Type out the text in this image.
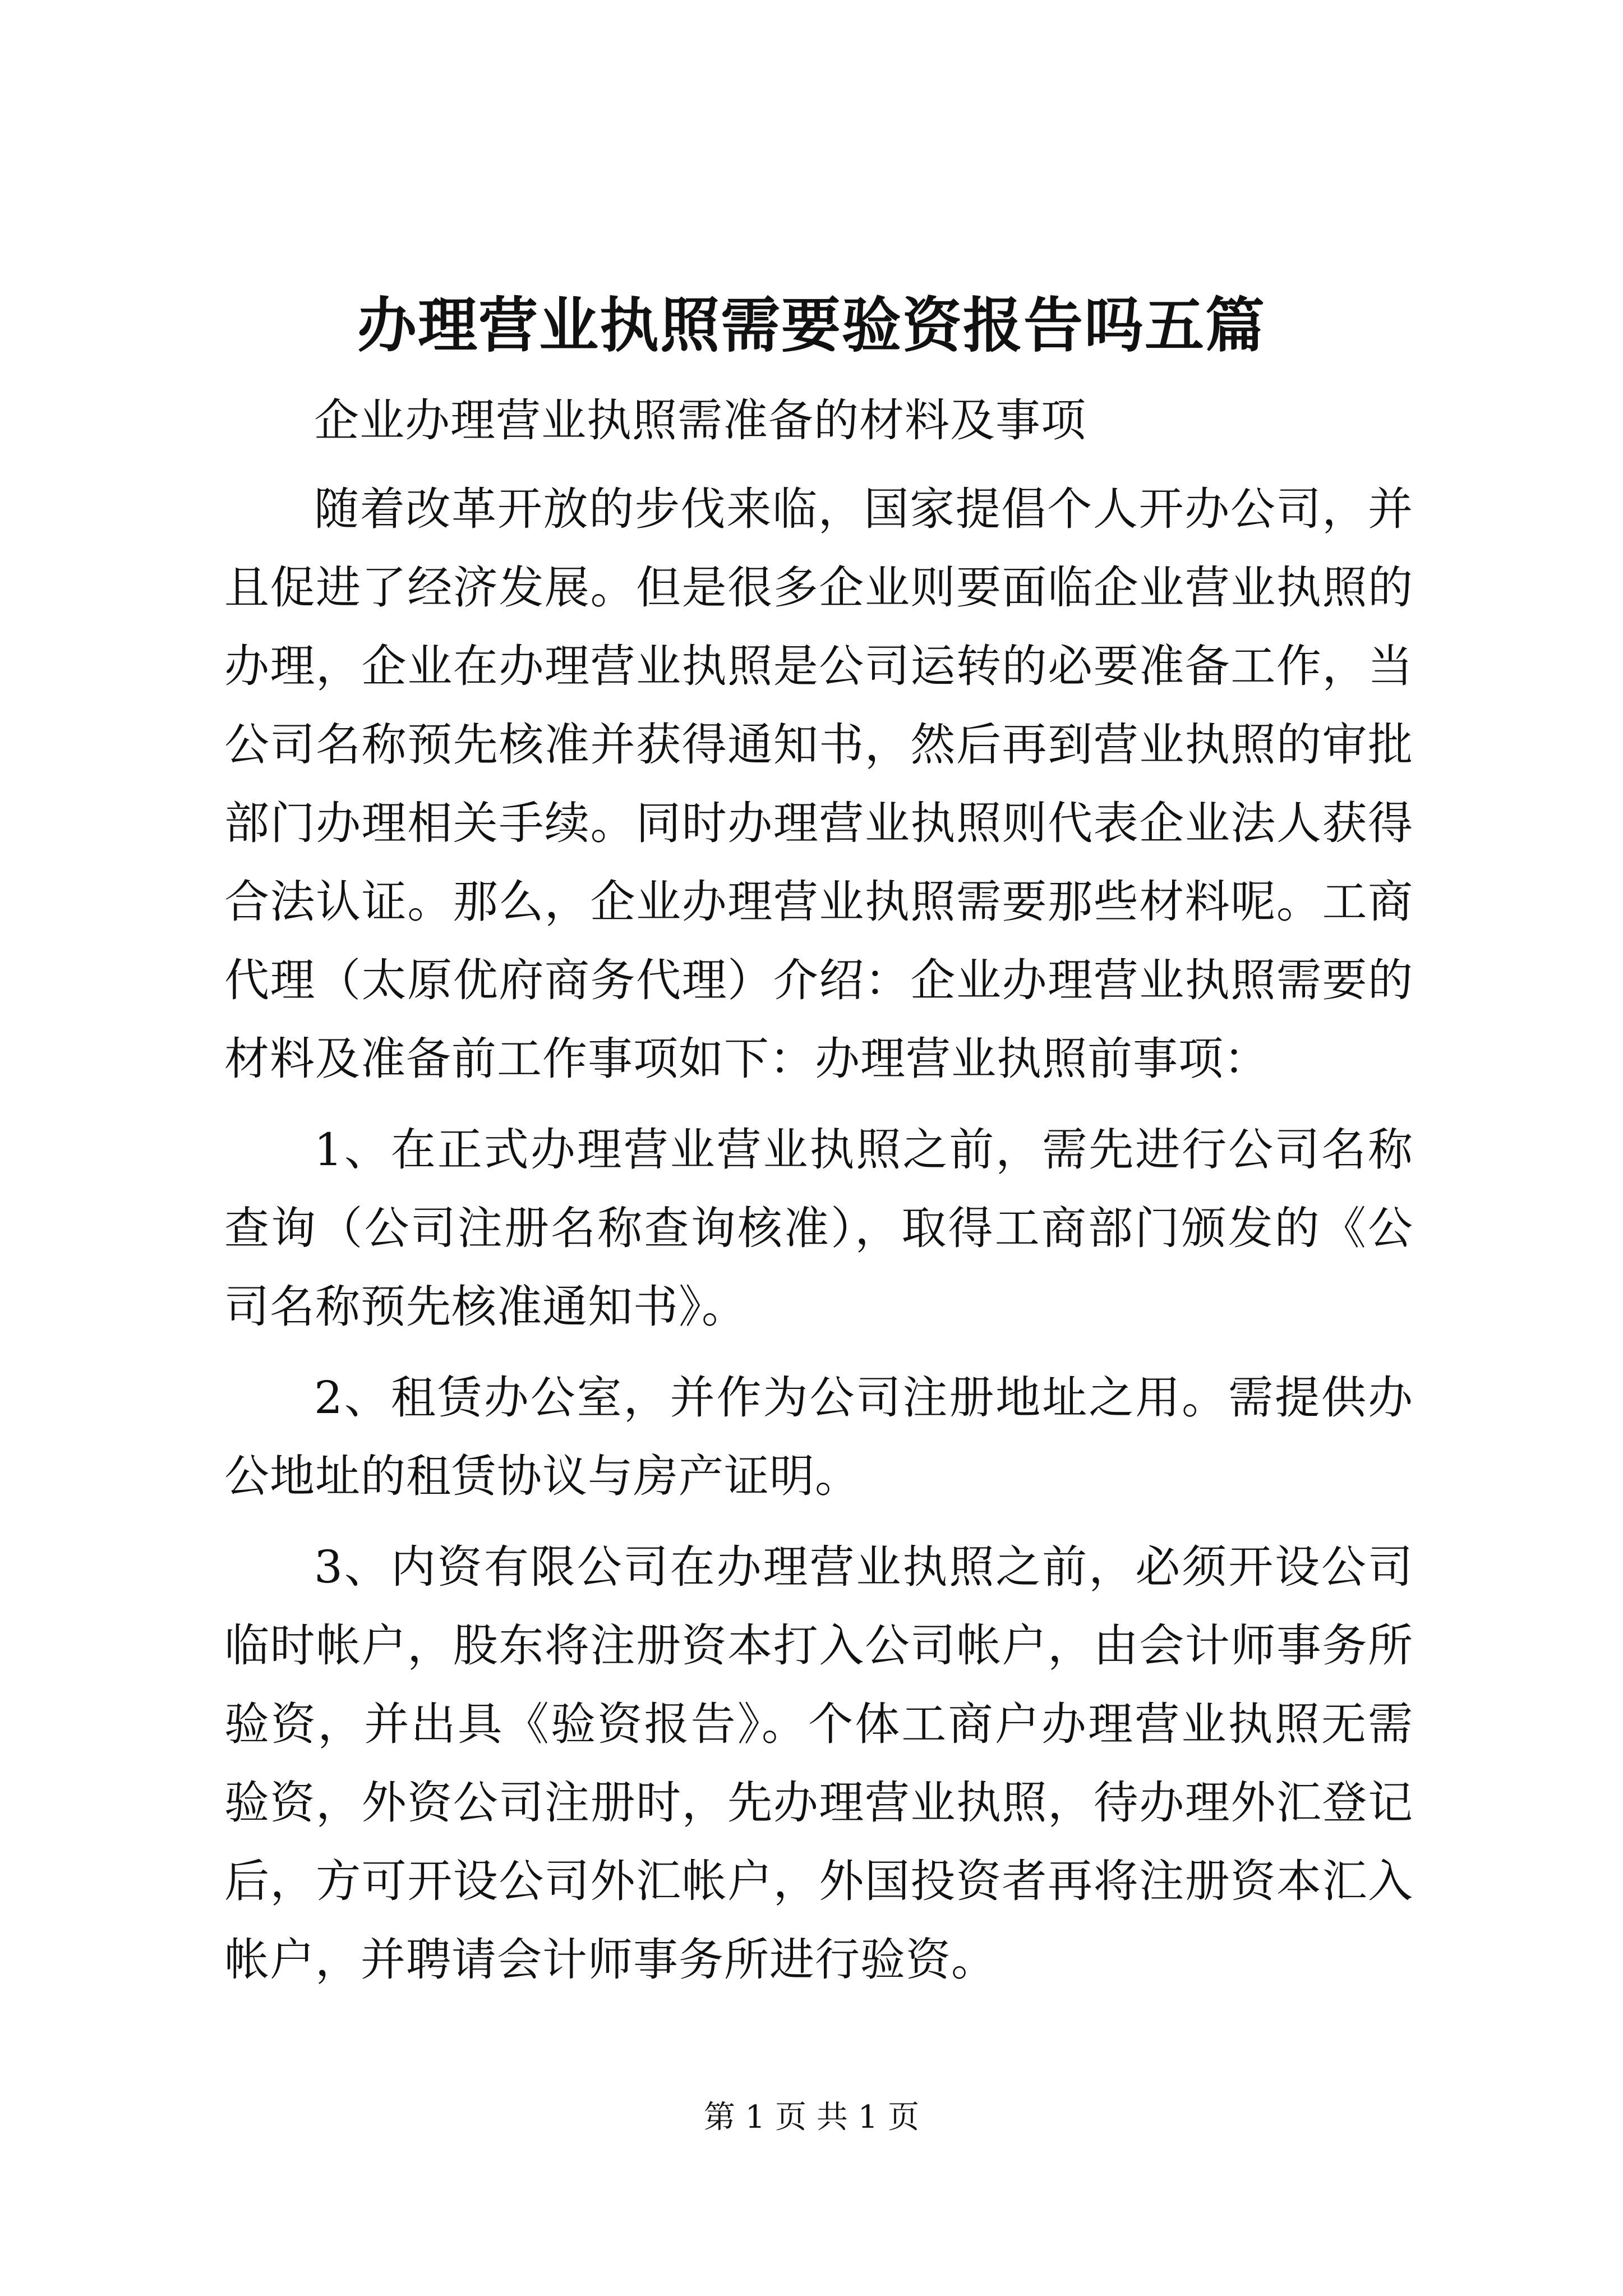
办理营业执照需要验资报告吗五篇

企业办理营业执照需准备的材料及事项

随着改革开放的步伐来临，国家提倡个人开办公司，并且促进了经济发展。但是很多企业则要面临企业营业执照的办理，企业在办理营业执照是公司运转的必要准备工作，当公司名称预先核准并获得通知书，然后再到营业执照的审批部门办理相关手续。同时办理营业执照则代表企业法人获得合法认证。那么，企业办理营业执照需要那些材料呢。工商代理（太原优府商务代理）介绍：企业办理营业执照需要的材料及准备前工作事项如下：办理营业执照前事项：

1、在正式办理营业营业执照之前，需先进行公司名称查询（公司注册名称查询核准），取得工商部门颁发的《公司名称预先核准通知书》。

2、租赁办公室，并作为公司注册地址之用。需提供办公地址的租赁协议与房产证明。

3、内资有限公司在办理营业执照之前，必须开设公司临时帐户，股东将注册资本打入公司帐户，由会计师事务所验资，并出具《验资报告》。个体工商户办理营业执照无需验资，外资公司注册时，先办理营业执照，待办理外汇登记后，方可开设公司外汇帐户，外国投资者再将注册资本汇入帐户，并聘请会计师事务所进行验资。

第 1 页 共 1 页
